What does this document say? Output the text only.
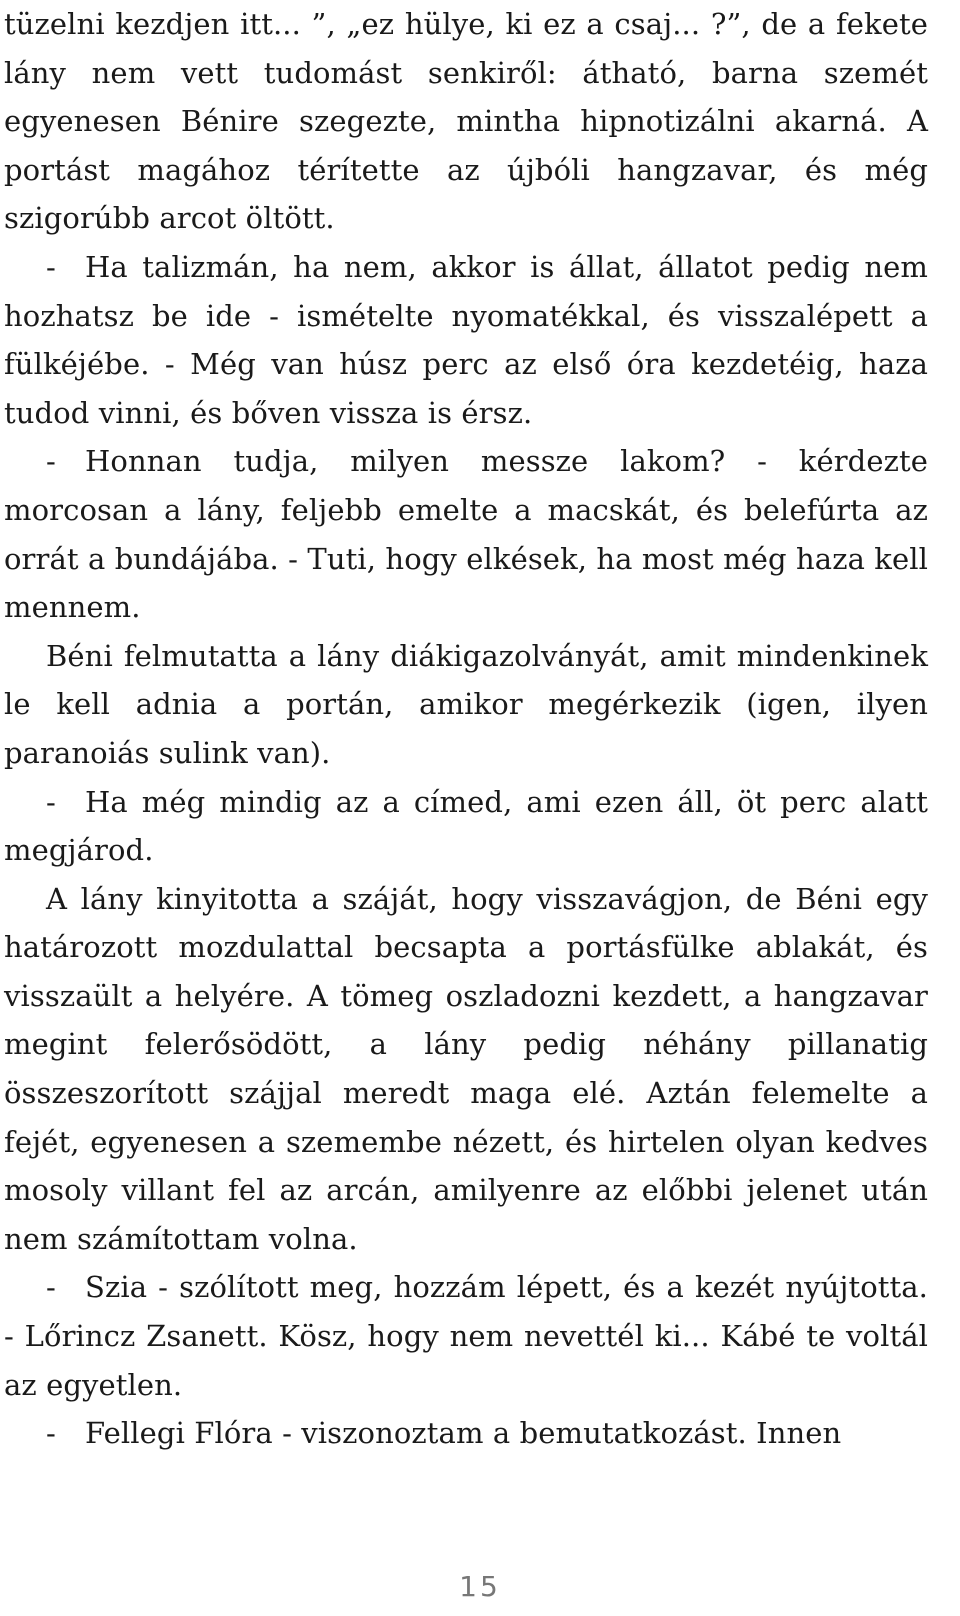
tüzelni kezdjen itt... ”, „ez hülye, ki ez a csaj... ?”, de a fekete lány nem vett tudomást senkiről: áthatό, barna szemét egyenesen Bénire szegezte, mintha hipnotizálni akarná. A portást magához térítette az újbóli hangzavar, és még szigorúbb arcot öltött.

- Ha talizmán, ha nem, akkor is állat, állatot pedig nem hozhatsz be ide - ismételte nyomatékkal, és visszalépett a fülkéjébe. - Még van húsz perc az első óra kezdetéig, haza tudod vinni, és bőven vissza is érsz.

- Honnan tudja, milyen messze lakom? - kérdezte morcosan a lány, feljebb emelte a macskát, és belefúrta az orrát a bundájába. - Tuti, hogy elkések, ha most még haza kell mennem.

Béni felmutatta a lány diákigazolványát, amit mindenkinek le kell adnia a portán, amikor megérkezik (igen, ilyen paranoiás sulink van).

- Ha még mindig az a címed, ami ezen áll, öt perc alatt megjárod.

A lány kinyitotta a száját, hogy visszavágjon, de Béni egy határozott mozdulattal becsapta a portásfülke ablakát, és visszaült a helyére. A tömeg oszladozni kezdett, a hangzavar megint felerősödött, a lány pedig néhány pillanatig összeszorított szájjal meredt maga elé. Aztán felemelte a fejét, egyenesen a szemembe nézett, és hirtelen olyan kedves mosoly villant fel az arcán, amilyenre az előbbi jelenet után nem számítottam volna.

- Szia - szólított meg, hozzám lépett, és a kezét nyújtotta. - Lőrincz Zsanett. Kösz, hogy nem nevettél ki... Kábé te voltál az egyetlen.

- Fellegi Flóra - viszonoztam a bemutatkozást. Innen

15
